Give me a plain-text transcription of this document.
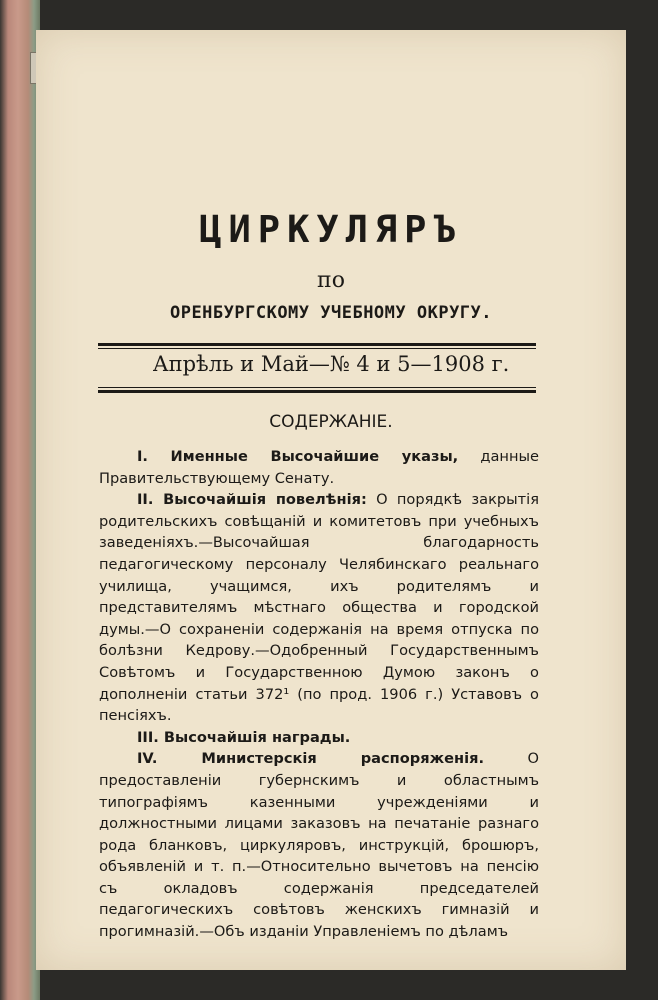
ЦИРКУЛЯРЪ
по
ОРЕНБУРГСКОМУ УЧЕБНОМУ ОКРУГУ.
Апрѣль и Май—№ 4 и 5—1908 г.
СОДЕРЖАНІЕ.

I. Именные Высочайшие указы, данные Правительствующему Сенату.

II. Высочайшія повелѣнія: О порядкѣ закрытія родительскихъ совѣщаній и комитетовъ при учебныхъ заведеніяхъ.—Высочайшая благодарность педагогическому персоналу Челябинскаго реальнаго училища, учащимся, ихъ родителямъ и представителямъ мѣстнаго общества и городской думы.—О сохраненіи содержанія на время отпуска по болѣзни Кедрову.—Одобренный Государственнымъ Совѣтомъ и Государственною Думою законъ о дополненіи статьи 372¹ (по прод. 1906 г.) Уставовъ о пенсіяхъ.

III. Высочайшія награды.

IV. Министерскія распоряженія. О предоставленіи губернскимъ и областнымъ типографіямъ казенными учрежденіями и должностными лицами заказовъ на печатаніе разнаго рода бланковъ, циркуляровъ, инструкцій, брошюръ, объявленій и т. п.—Относительно вычетовъ на пенсію съ окладовъ содержанія председателей педагогическихъ совѣтовъ женскихъ гимназій и прогимназій.—Объ изданіи Управленіемъ по дѣламъ
